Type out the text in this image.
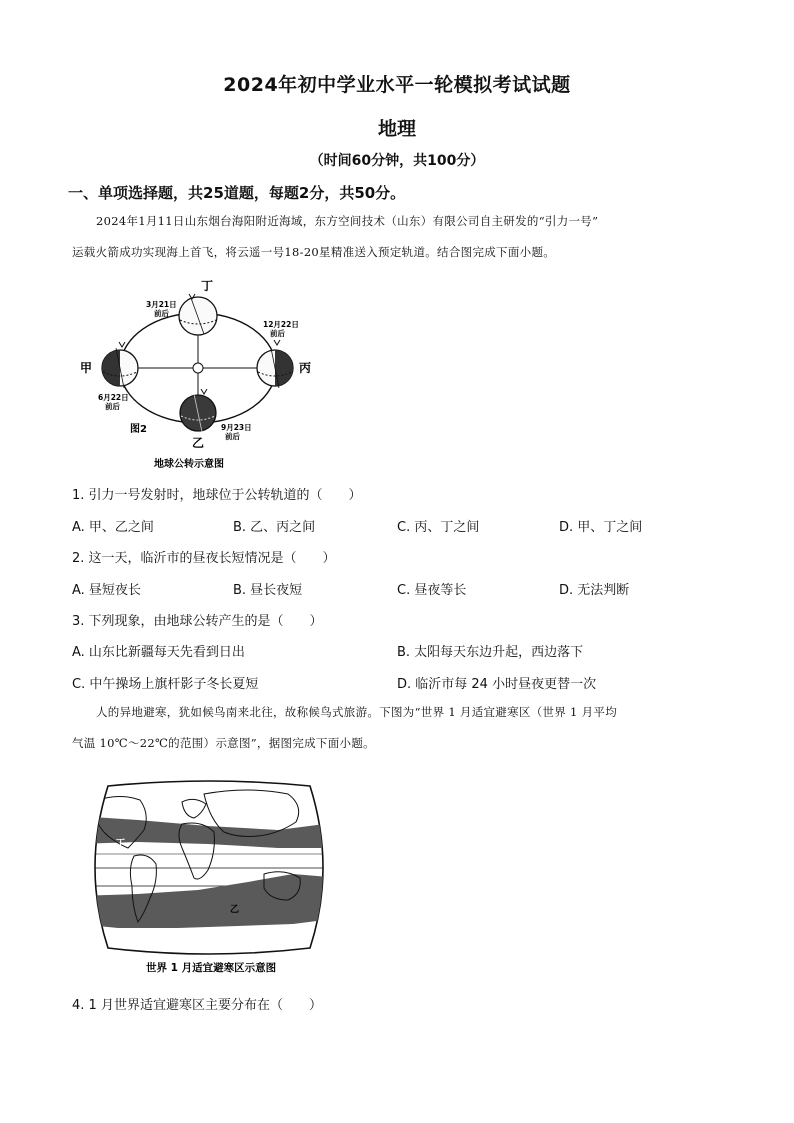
2024年初中学业水平一轮模拟考试试题
地理
（时间60分钟，共100分）
一、单项选择题，共25道题，每题2分，共50分。
2024年1月11日山东烟台海阳附近海域，东方空间技术（山东）有限公司自主研发的“引力一号”
运载火箭成功实现海上首飞，将云遥一号18-20星精准送入预定轨道。结合图完成下面小题。
丁
甲	丙
乙
3月21日
前后
12月22日
前后
6月22日
前后
9月23日
前后
图2
地球公转示意图
1. 引力一号发射时，地球位于公转轨道的（　　）
A. 甲、乙之间	B. 乙、丙之间	C. 丙、丁之间	D. 甲、丁之间
2. 这一天，临沂市的昼夜长短情况是（　　）
A. 昼短夜长	B. 昼长夜短	C. 昼夜等长	D. 无法判断
3. 下列现象，由地球公转产生的是（　　）
A. 山东比新疆每天先看到日出	B. 太阳每天东边升起，西边落下
C. 中午操场上旗杆影子冬长夏短	D. 临沂市每 24 小时昼夜更替一次
人的异地避寒，犹如候鸟南来北往，故称候鸟式旅游。下图为“世界 1 月适宜避寒区（世界 1 月平均
气温 10℃～22℃的范围）示意图”，据图完成下面小题。
丁
乙
世界 1 月适宜避寒区示意图
4. 1 月世界适宜避寒区主要分布在（　　）
